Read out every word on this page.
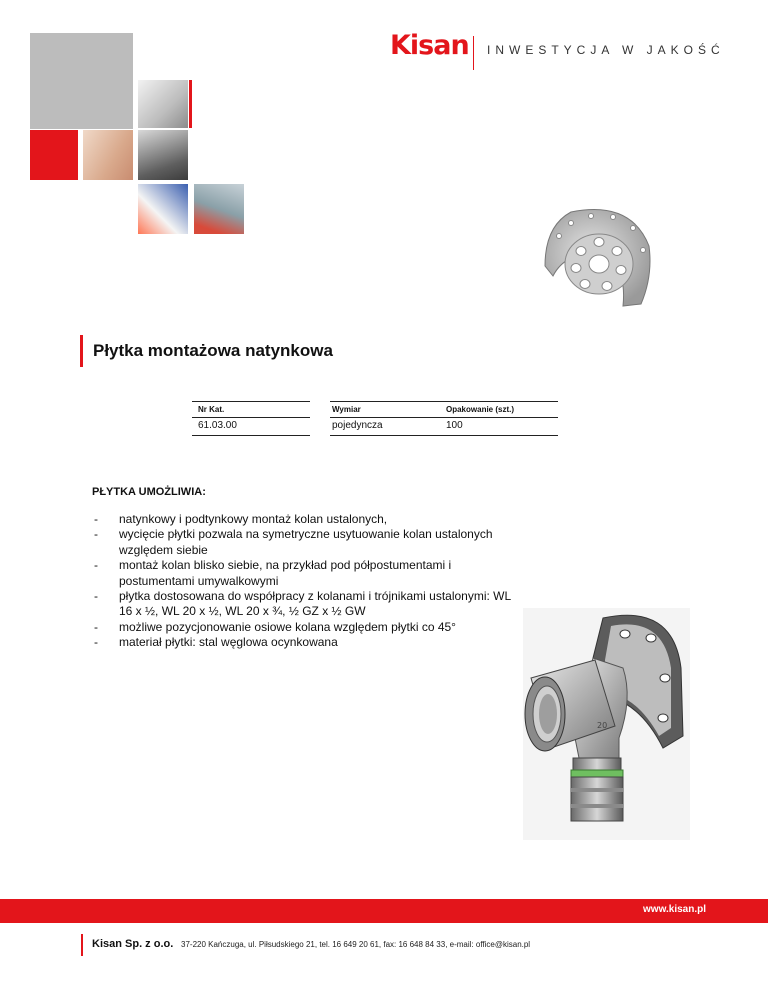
Kisan INWESTYCJA W JAKOŚĆ
Płytka montażowa natynkowa
Nr Kat.	Wymiar	Opakowanie (szt.)
61.03.00	pojedyncza	100
PŁYTKA UMOŻLIWIA:

- natynkowy i podtynkowy montaż kolan ustalonych,

- wycięcie płytki pozwala na symetryczne usytuowanie kolan ustalonych względem siebie

- montaż kolan blisko siebie, na przykład pod półpostumentami i postumentami umywalkowymi

- płytka dostosowana do współpracy z kolanami i trójnikami ustalonymi: WL 16 x ½, WL 20 x ½, WL 20 x ¾, ½ GZ x ½ GW

- możliwe pozycjonowanie osiowe kolana względem płytki co 45°

- materiał płytki: stal węglowa ocynkowana

20
www.kisan.pl
Kisan Sp. z o.o. 37-220 Kańczuga, ul. Piłsudskiego 21, tel. 16 649 20 61, fax: 16 648 84 33, e-mail: office@kisan.pl
